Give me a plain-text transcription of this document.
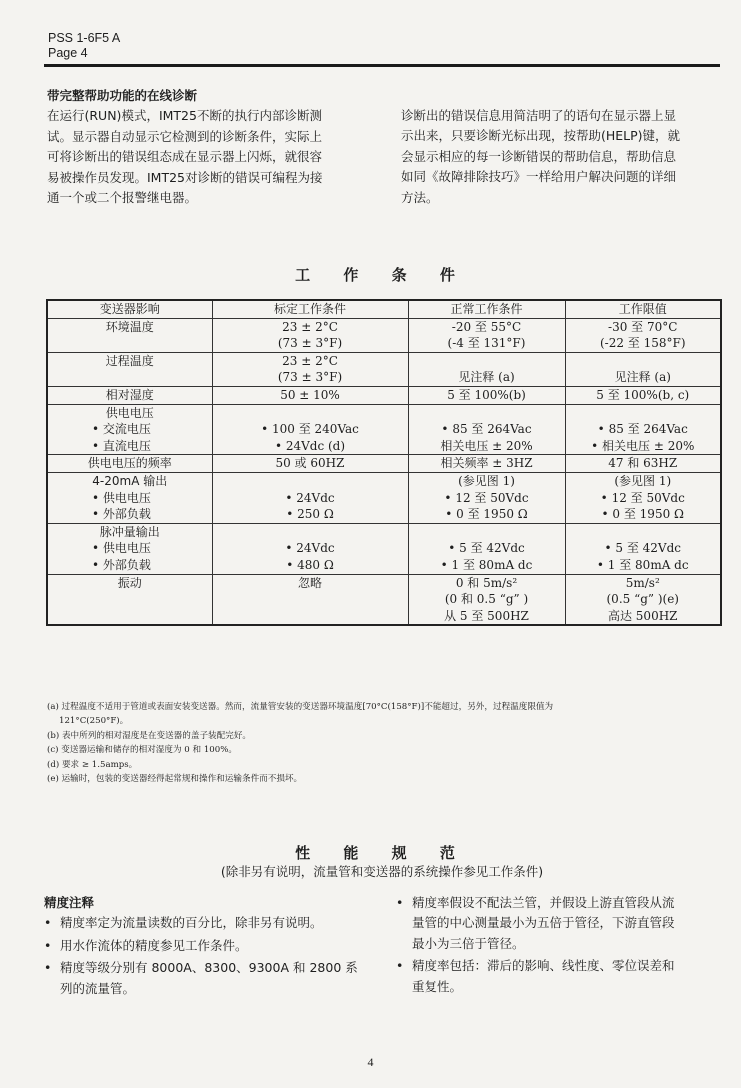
PSS 1-6F5 A
Page 4

带完整帮助功能的在线诊断

在运行(RUN)模式，IMT25不断的执行内部诊断测

试。显示器自动显示它检测到的诊断条件，实际上

可将诊断出的错误组态成在显示器上闪烁，就很容

易被操作员发现。IMT25对诊断的错误可编程为接

通一个或二个报警继电器。

诊断出的错误信息用简洁明了的语句在显示器上显

示出来，只要诊断光标出现，按帮助(HELP)键，就

会显示相应的每一诊断错误的帮助信息，帮助信息

如同《故障排除技巧》一样给用户解决问题的详细

方法。

工 作 条 件
变送器影响	标定工作条件	正常工作条件	工作限值
环境温度	23 ± 2°C	-20 至 55°C	-30 至 70°C
	(73 ± 3°F)	(-4 至 131°F)	(-22 至 158°F)
过程温度	23 ± 2°C		
	(73 ± 3°F)	见注释 (a)	见注释 (a)
相对湿度	50 ± 10%	5 至 100%(b)	5 至 100%(b, c)
供电电压			
• 交流电压	• 100 至 240Vac	• 85 至 264Vac	• 85 至 264Vac
• 直流电压	• 24Vdc (d)	相关电压 ± 20%	• 相关电压 ± 20%
供电电压的频率	50 或 60HZ	相关频率 ± 3HZ	47 和 63HZ
4-20mA 输出		(参见图 1)	(参见图 1)
• 供电电压	• 24Vdc	• 12 至 50Vdc	• 12 至 50Vdc
• 外部负载	• 250 Ω	• 0 至 1950 Ω	• 0 至 1950 Ω
脉冲量输出			
• 供电电压	• 24Vdc	• 5 至 42Vdc	• 5 至 42Vdc
• 外部负载	• 480 Ω	• 1 至 80mA dc	• 1 至 80mA dc
振动	忽略	0 和 5m/s²	5m/s²
		(0 和 0.5 “g” )	(0.5 “g” )(e)
		从 5 至 500HZ	高达 500HZ

(a) 过程温度不适用于管道或表面安装变送器。然而，流量管安装的变送器环境温度[70°C(158°F)]不能超过，另外，过程温度限值为

121°C(250°F)。

(b) 表中所列的相对湿度是在变送器的盖子装配完好。

(c) 变送器运输和储存的相对湿度为 0 和 100%。

(d) 要求 ≥ 1.5amps。

(e) 运输时，包装的变送器经得起常规和操作和运输条件而不损坏。

性 能 规 范
(除非另有说明，流量管和变送器的系统操作参见工作条件)
精度注释
• 精度率定为流量读数的百分比，除非另有说明。
• 用水作流体的精度参见工作条件。
• 精度等级分别有 8000A、8300、9300A 和 2800 系
列的流量管。
• 精度率假设不配法兰管，并假设上游直管段从流
量管的中心测量最小为五倍于管径，下游直管段
最小为三倍于管径。
• 精度率包括：滞后的影响、线性度、零位误差和
重复性。
4
